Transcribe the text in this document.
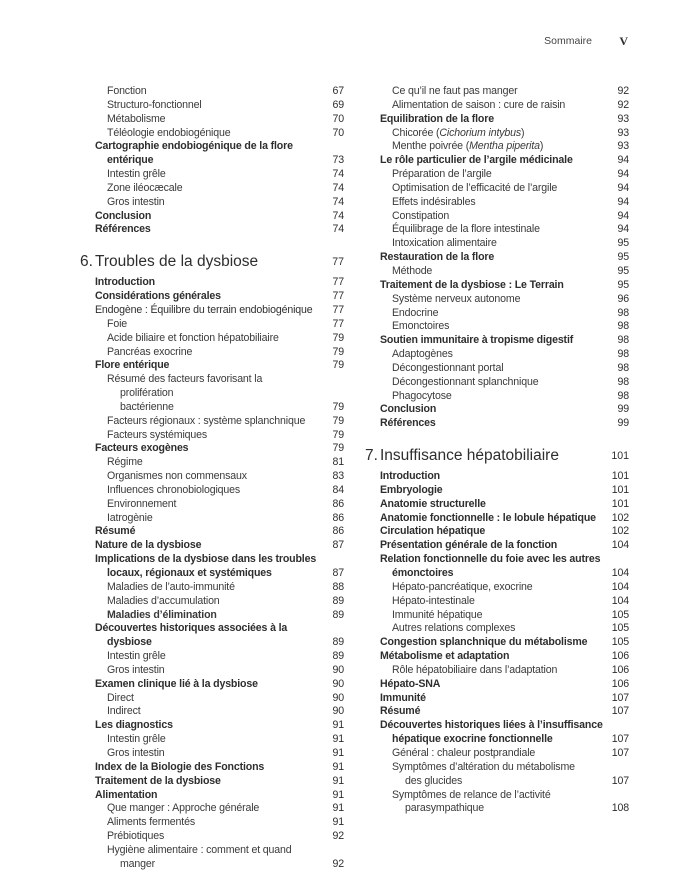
Sommaire V
Fonction	67
Structuro-fonctionnel	69
Métabolisme	70
Téléologie endobiogénique	70
Cartographie endobiogénique de la flore entérique	73
Intestin grêle	74
Zone iléocæcale	74
Gros intestin	74
Conclusion	74
Références	74
6. Troubles de la dysbiose	77
Introduction	77
Considérations générales	77
Endogène : Équilibre du terrain endobiogénique	77
Foie	77
Acide biliaire et fonction hépatobiliaire	79
Pancréas exocrine	79
Flore entérique	79
Résumé des facteurs favorisant la prolifération
bactérienne	79
Facteurs régionaux : système splanchnique	79
Facteurs systémiques	79
Facteurs exogènes	79
Régime	81
Organismes non commensaux	83
Influences chronobiologiques	84
Environnement	86
Iatrogènie	86
Résumé	86
Nature de la dysbiose	87
Implications de la dysbiose dans les troubles
locaux, régionaux et systémiques	87
Maladies de l’auto-immunité	88
Maladies d’accumulation	89
Maladies d’élimination	89
Découvertes historiques associées à la dysbiose	89
Intestin grêle	89
Gros intestin	90
Examen clinique lié à la dysbiose	90
Direct	90
Indirect	90
Les diagnostics	91
Intestin grêle	91
Gros intestin	91
Index de la Biologie des Fonctions	91
Traitement de la dysbiose	91
Alimentation	91
Que manger : Approche générale	91
Aliments fermentés	91
Prébiotiques	92
Hygiène alimentaire : comment et quand
manger	92
Ce qu’il ne faut pas manger	92
Alimentation de saison : cure de raisin	92
Equilibration de la flore	93
Chicorée (Cichorium intybus)	93
Menthe poivrée (Mentha piperita)	93
Le rôle particulier de l’argile médicinale	94
Préparation de l’argile	94
Optimisation de l’efficacité de l’argile	94
Effets indésirables	94
Constipation	94
Équilibrage de la flore intestinale	94
Intoxication alimentaire	95
Restauration de la flore	95
Méthode	95
Traitement de la dysbiose : Le Terrain	95
Système nerveux autonome	96
Endocrine	98
Emonctoires	98
Soutien immunitaire à tropisme digestif	98
Adaptogènes	98
Décongestionnant portal	98
Décongestionnant splanchnique	98
Phagocytose	98
Conclusion	99
Références	99
7. Insuffisance hépatobiliaire	101
Introduction	101
Embryologie	101
Anatomie structurelle	101
Anatomie fonctionnelle : le lobule hépatique	102
Circulation hépatique	102
Présentation générale de la fonction	104
Relation fonctionnelle du foie avec les autres
émonctoires	104
Hépato-pancréatique, exocrine	104
Hépato-intestinale	104
Immunité hépatique	105
Autres relations complexes	105
Congestion splanchnique du métabolisme	105
Métabolisme et adaptation	106
Rôle hépatobiliaire dans l’adaptation	106
Hépato-SNA	106
Immunité	107
Résumé	107
Découvertes historiques liées à l’insuffisance
hépatique exocrine fonctionnelle	107
Général : chaleur postprandiale	107
Symptômes d’altération du métabolisme
des glucides	107
Symptômes de relance de l’activité
parasympathique	108
